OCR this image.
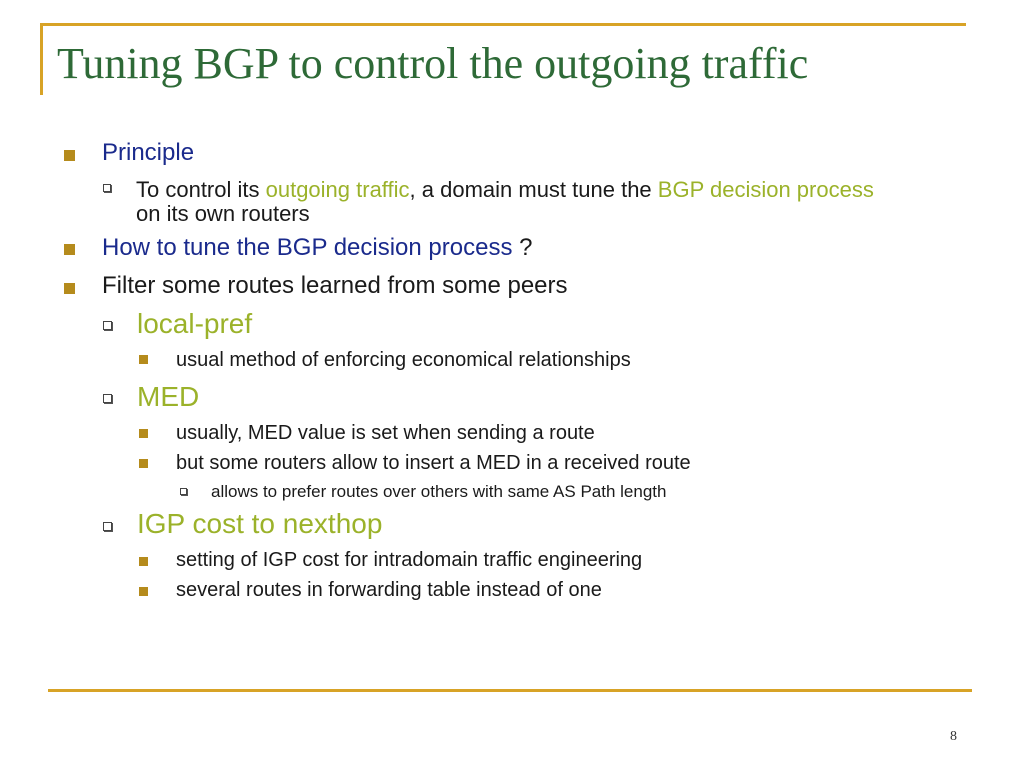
Tuning BGP to control the outgoing traffic
Principle
To control its outgoing traffic, a domain must tune the BGP decision process on its own routers
How to tune the BGP decision process ?
Filter some routes learned from some peers
local-pref
usual method of enforcing economical relationships
MED
usually, MED value is set when sending a route
but some routers allow to insert a MED in a received route
allows to prefer routes over others with same AS Path length
IGP cost to nexthop
setting of IGP cost for intradomain traffic engineering
several routes in forwarding table instead of one
8
